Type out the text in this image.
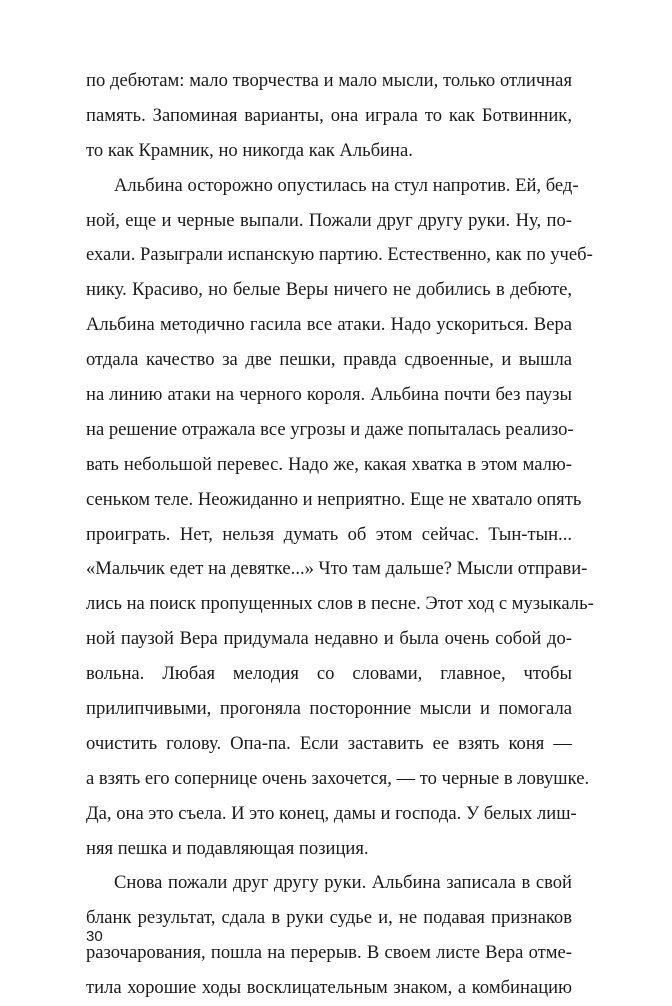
по дебютам: мало творчества и мало мысли, только отличная
память. Запоминая варианты, она играла то как Ботвинник,
то как Крамник, но никогда как Альбина.
Альбина осторожно опустилась на стул напротив. Ей, бед-
ной, еще и черные выпали. Пожали друг другу руки. Ну, по-
ехали. Разыграли испанскую партию. Естественно, как по учеб-
нику. Красиво, но белые Веры ничего не добились в дебюте,
Альбина методично гасила все атаки. Надо ускориться. Вера
отдала качество за две пешки, правда сдвоенные, и вышла
на линию атаки на черного короля. Альбина почти без паузы
на решение отражала все угрозы и даже попыталась реализо-
вать небольшой перевес. Надо же, какая хватка в этом малю-
сеньком теле. Неожиданно и неприятно. Еще не хватало опять
проиграть. Нет, нельзя думать об этом сейчас. Тын-тын...
«Мальчик едет на девятке...» Что там дальше? Мысли отправи-
лись на поиск пропущенных слов в песне. Этот ход с музыкаль-
ной паузой Вера придумала недавно и была очень собой до-
вольна. Любая мелодия со словами, главное, чтобы
прилипчивыми, прогоняла посторонние мысли и помогала
очистить голову. Опа-па. Если заставить ее взять коня —
а взять его сопернице очень захочется, — то черные в ловушке.
Да, она это съела. И это конец, дамы и господа. У белых лиш-
няя пешка и подавляющая позиция.
Снова пожали друг другу руки. Альбина записала в свой
бланк результат, сдала в руки судье и, не подавая признаков
разочарования, пошла на перерыв. В своем листе Вера отме-
тила хорошие ходы восклицательным знаком, а комбинацию
30
